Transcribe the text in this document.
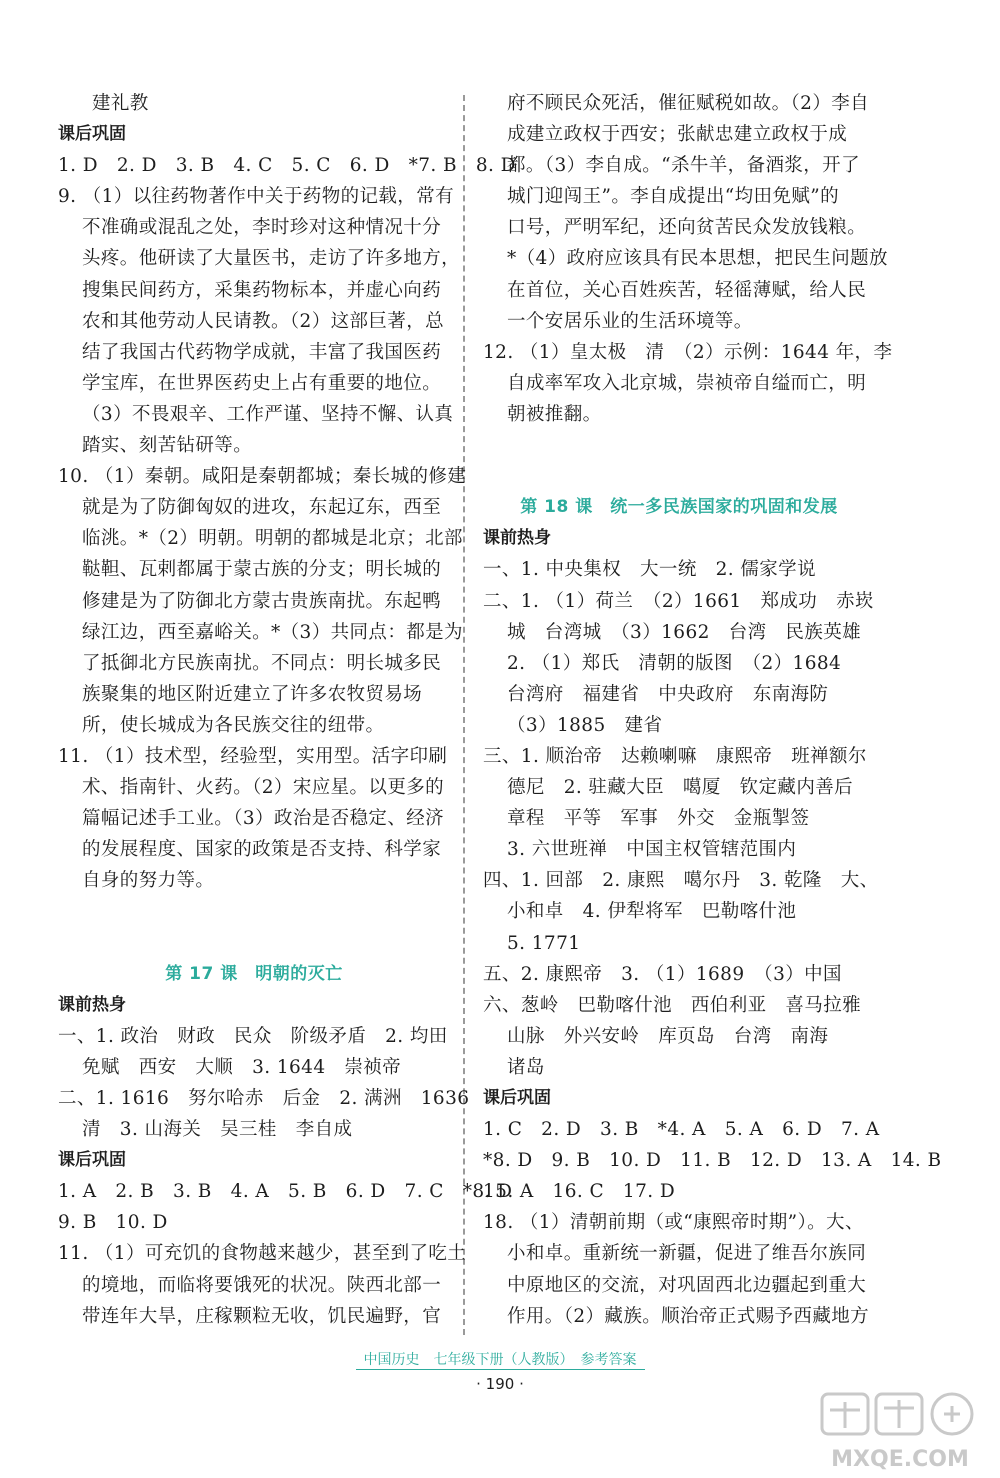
建礼教
课后巩固
1. D　2. D　3. B　4. C　5. C　6. D　*7. B　8. D
9. （1）以往药物著作中关于药物的记载，常有
不准确或混乱之处，李时珍对这种情况十分
头疼。他研读了大量医书，走访了许多地方，
搜集民间药方，采集药物标本，并虚心向药
农和其他劳动人民请教。（2）这部巨著，总
结了我国古代药物学成就，丰富了我国医药
学宝库，在世界医药史上占有重要的地位。
（3）不畏艰辛、工作严谨、坚持不懈、认真
踏实、刻苦钻研等。
10. （1）秦朝。咸阳是秦朝都城；秦长城的修建
就是为了防御匈奴的进攻，东起辽东，西至
临洮。*（2）明朝。明朝的都城是北京；北部
鞑靼、瓦剌都属于蒙古族的分支；明长城的
修建是为了防御北方蒙古贵族南扰。东起鸭
绿江边，西至嘉峪关。*（3）共同点：都是为
了抵御北方民族南扰。不同点：明长城多民
族聚集的地区附近建立了许多农牧贸易场
所，使长城成为各民族交往的纽带。
11. （1）技术型，经验型，实用型。活字印刷
术、指南针、火药。（2）宋应星。以更多的
篇幅记述手工业。（3）政治是否稳定、经济
的发展程度、国家的政策是否支持、科学家
自身的努力等。
第 17 课　明朝的灭亡
课前热身
一、1. 政治　财政　民众　阶级矛盾　2. 均田
免赋　西安　大顺　3. 1644　崇祯帝
二、1. 1616　努尔哈赤　后金　2. 满洲　1636
清　3. 山海关　吴三桂　李自成
课后巩固
1. A　2. B　3. B　4. A　5. B　6. D　7. C　*8. D
9. B　10. D
11. （1）可充饥的食物越来越少，甚至到了吃土
的境地，而临将要饿死的状况。陕西北部一
带连年大旱，庄稼颗粒无收，饥民遍野，官
府不顾民众死活，催征赋税如故。（2）李自
成建立政权于西安；张献忠建立政权于成
都。（3）李自成。“杀牛羊，备酒浆，开了
城门迎闯王”。李自成提出“均田免赋”的
口号，严明军纪，还向贫苦民众发放钱粮。
*（4）政府应该具有民本思想，把民生问题放
在首位，关心百姓疾苦，轻徭薄赋，给人民
一个安居乐业的生活环境等。
12. （1）皇太极　清　（2）示例：1644 年，李
自成率军攻入北京城，崇祯帝自缢而亡，明
朝被推翻。
第 18 课　统一多民族国家的巩固和发展
课前热身
一、1. 中央集权　大一统　2. 儒家学说
二、1. （1）荷兰　（2）1661　郑成功　赤崁
城　台湾城　（3）1662　台湾　民族英雄
2. （1）郑氏　清朝的版图　（2）1684
台湾府　福建省　中央政府　东南海防
（3）1885　建省
三、1. 顺治帝　达赖喇嘛　康熙帝　班禅额尔
德尼　2. 驻藏大臣　噶厦　钦定藏内善后
章程　平等　军事　外交　金瓶掣签
3. 六世班禅　中国主权管辖范围内
四、1. 回部　2. 康熙　噶尔丹　3. 乾隆　大、
小和卓　4. 伊犁将军　巴勒喀什池
5. 1771
五、2. 康熙帝　3. （1）1689　（3）中国
六、葱岭　巴勒喀什池　西伯利亚　喜马拉雅
山脉　外兴安岭　库页岛　台湾　南海
诸岛
课后巩固
1. C　2. D　3. B　*4. A　5. A　6. D　7. A
*8. D　9. B　10. D　11. B　12. D　13. A　14. B
15. A　16. C　17. D
18. （1）清朝前期（或“康熙帝时期”）。大、
小和卓。重新统一新疆，促进了维吾尔族同
中原地区的交流，对巩固西北边疆起到重大
作用。（2）藏族。顺治帝正式赐予西藏地方
中国历史　七年级下册（人教版）　参考答案
· 190 ·
MXQE.COM
